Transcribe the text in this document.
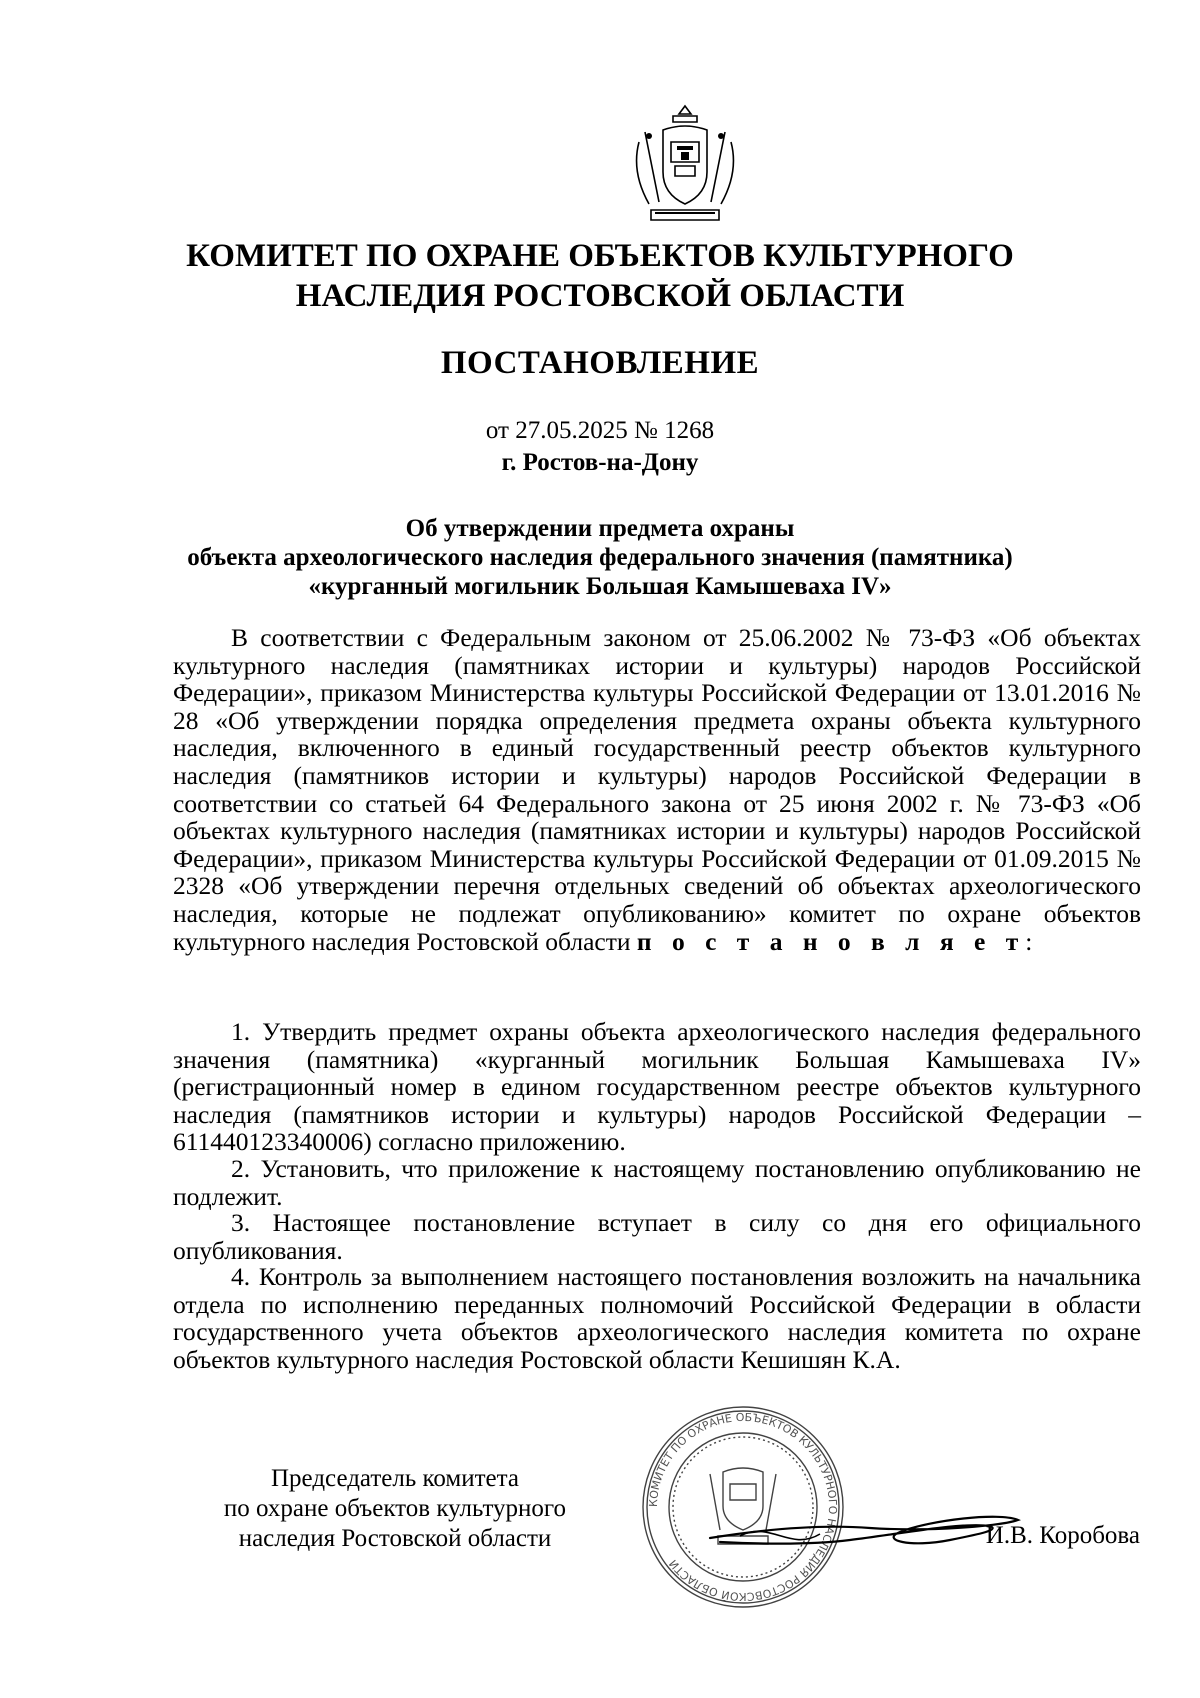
КОМИТЕТ ПО ОХРАНЕ ОБЪЕКТОВ КУЛЬТУРНОГО
НАСЛЕДИЯ РОСТОВСКОЙ ОБЛАСТИ
ПОСТАНОВЛЕНИЕ
от 27.05.2025 № 1268
г. Ростов-на-Дону
Об утверждении предмета охраны
объекта археологического наследия федерального значения (памятника)
«курганный могильник Большая Камышеваха IV»
В соответствии с Федеральным законом от 25.06.2002 № 73-ФЗ «Об объектах культурного наследия (памятниках истории и культуры) народов Российской Федерации», приказом Министерства культуры Российской Федерации от 13.01.2016 № 28 «Об утверждении порядка определения предмета охраны объекта культурного наследия, включенного в единый государственный реестр объектов культурного наследия (памятников истории и культуры) народов Российской Федерации в соответствии со статьей 64 Федерального закона от 25 июня 2002 г. № 73-ФЗ «Об объектах культурного наследия (памятниках истории и культуры) народов Российской Федерации», приказом Министерства культуры Российской Федерации от 01.09.2015 № 2328 «Об утверждении перечня отдельных сведений об объектах археологического наследия, которые не подлежат опубликованию» комитет по охране объектов культурного наследия Ростовской области п о с т а н о в л я е т:
1. Утвердить предмет охраны объекта археологического наследия федерального значения (памятника) «курганный могильник Большая Камышеваха IV» (регистрационный номер в едином государственном реестре объектов культурного наследия (памятников истории и культуры) народов Российской Федерации – 611440123340006) согласно приложению.
2. Установить, что приложение к настоящему постановлению опубликованию не подлежит.
3. Настоящее постановление вступает в силу со дня его официального опубликования.
4. Контроль за выполнением настоящего постановления возложить на начальника отдела по исполнению переданных полномочий Российской Федерации в области государственного учета объектов археологического наследия комитета по охране объектов культурного наследия Ростовской области Кешишян К.А.
Председатель комитета
по охране объектов культурного
наследия Ростовской области
КОМИТЕТ ПО ОХРАНЕ ОБЪЕКТОВ КУЛЬТУРНОГО НАСЛЕДИЯ РОСТОВСКОЙ ОБЛАСТИ
И.В. Коробова
